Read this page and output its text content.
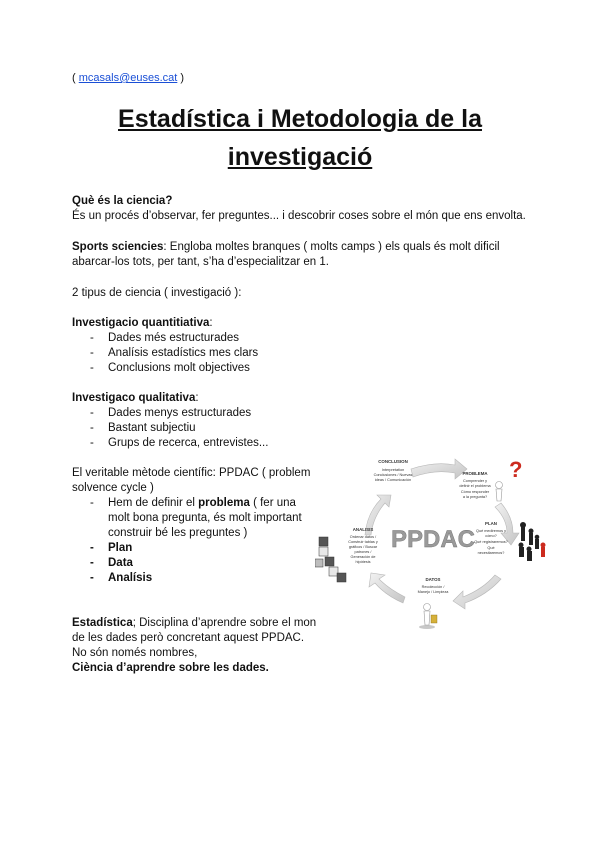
( mcasals@euses.cat )
Estadística i Metodologia de la
investigació
Què és la ciencia?
És un procés d’observar, fer preguntes... i descobrir coses sobre el món que ens envolta.
Sports sciencies: Engloba moltes branques ( molts camps ) els quals és molt dificil
abarcar-los tots, per tant, s’ha d’especialitzar en 1.
2 tipus de ciencia ( investigació ):
Investigacio quantitiativa:
- Dades més estructurades
- Analísis estadístics mes clars
- Conclusions molt objectives
Investigaco qualitativa:
- Dades menys estructurades
- Bastant subjectiu
- Grups de recerca, entrevistes...
El veritable mètode científic: PPDAC ( problem
solvence cycle )
- Hem de definir el problema ( fer una
molt bona pregunta, és molt important
construir bé les preguntes )
- Plan
- Data
- Analísis
Estadística; Disciplina d’aprendre sobre el mon
de les dades però concretant aquest PPDAC.
No són només nombres,
Ciència d’aprendre sobre les dades.
PPDAC
CONCLUSION
Interpretation
Conclusiones / Nuevas
ideas / Comunicación
PROBLEMA
Comprender y
definir el problema
Cómo responder
a la pregunta?
?
PLAN
Qué mediremos y
cómo?
Qué registraremos?
Qué
necesitaremos?
DATOS
Recolección /
Manejo / Limpieza
ANALISIS
Ordenar datos /
Construir tablas y
gráficos / Buscar
patrones /
Generación de
hipótesis
